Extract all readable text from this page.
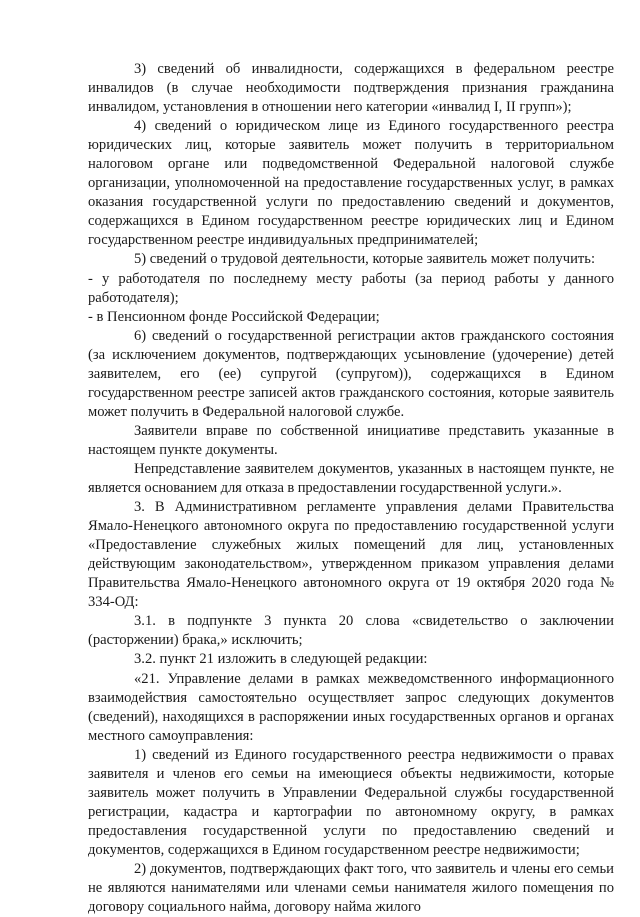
3) сведений об инвалидности, содержащихся в федеральном реестре инвалидов (в случае необходимости подтверждения признания гражданина инвалидом, установления в отношении него категории «инвалид I, II групп»);

4) сведений о юридическом лице из Единого государственного реестра юридических лиц, которые заявитель может получить в территориальном налоговом органе или подведомственной Федеральной налоговой службе организации, уполномоченной на предоставление государственных услуг, в рамках оказания государственной услуги по предоставлению сведений и документов, содержащихся в Едином государственном реестре юридических лиц и Едином государственном реестре индивидуальных предпринимателей;

5) сведений о трудовой деятельности, которые заявитель может получить:

- у работодателя по последнему месту работы (за период работы у данного работодателя);

- в Пенсионном фонде Российской Федерации;

6) сведений о государственной регистрации актов гражданского состояния (за исключением документов, подтверждающих усыновление (удочерение) детей заявителем, его (ее) супругой (супругом)), содержащихся в Едином государственном реестре записей актов гражданского состояния, которые заявитель может получить в Федеральной налоговой службе.

Заявители вправе по собственной инициативе представить указанные в настоящем пункте документы.

Непредставление заявителем документов, указанных в настоящем пункте, не является основанием для отказа в предоставлении государственной услуги.».

3. В Административном регламенте управления делами Правительства Ямало-Ненецкого автономного округа по предоставлению государственной услуги «Предоставление служебных жилых помещений для лиц, установленных действующим законодательством», утвержденном приказом управления делами Правительства Ямало-Ненецкого автономного округа от 19 октября 2020 года № 334-ОД:

3.1. в подпункте 3 пункта 20 слова «свидетельство о заключении (расторжении) брака,» исключить;

3.2. пункт 21 изложить в следующей редакции:

«21. Управление делами в рамках межведомственного информационного взаимодействия самостоятельно осуществляет запрос следующих документов (сведений), находящихся в распоряжении иных государственных органов и органах местного самоуправления:

1) сведений из Единого государственного реестра недвижимости о правах заявителя и членов его семьи на имеющиеся объекты недвижимости, которые заявитель может получить в Управлении Федеральной службы государственной регистрации, кадастра и картографии по автономному округу, в рамках предоставления государственной услуги по предоставлению сведений и документов, содержащихся в Едином государственном реестре недвижимости;

2) документов, подтверждающих факт того, что заявитель и члены его семьи не являются нанимателями или членами семьи нанимателя жилого помещения по договору социального найма, договору найма жилого
